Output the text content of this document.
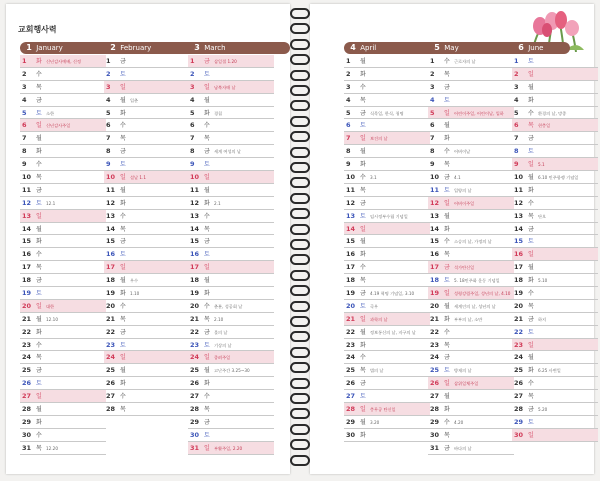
교회행사력
1 January	2 February	3 March
1 화 신년감사예배, 신정
2 수
3 목
4 금
5 토 소한
6 일 신년감사주일
7 월
8 화
9 수
10 목
11 금
12 토 12.1
13 일
14 월
15 화
16 수
17 목
18 금
19 토
20 일 대한
21 월 12.10
22 화
23 수
24 목
25 금
26 토
27 일
28 월
29 화
30 수
31 목 12.20
1 금
2 토
3 일
4 월 입춘
5 화
6 수
7 목
8 금
9 토
10 일 설날 1.1
11 월
12 화
13 수
14 목
15 금
16 토
17 일
18 월 우수
19 화 1.10
20 수
21 목
22 금
23 토
24 일
25 월
26 화
27 수
28 목
1 금 삼일절 1.20
2 토
3 일 남북자매 날
4 월
5 화 경칩
6 수
7 목
8 금 세계 여성의 날
9 토
10 일
11 월
12 화 2.1
13 수
14 목
15 금
16 토
17 일
18 월
19 화
20 수 춘분, 성공회 날
21 목 2.10
22 금 물의 날
23 토 기상의 날
24 일 종려주일
25 월 고난주간 3.25~30
26 화
27 수
28 목
29 금
30 토
31 일 부활주일, 2.20
4 April	5 May	6 June
1 월
2 화
3 수
4 목
5 금 식목일, 한식, 청명
6 토
7 일 보건의 날
8 월
9 화
10 수 3.1
11 목
12 금
13 토 임시정부수립 기념일
14 일
15 월
16 화
17 수
18 목
19 금 4.19 혁명 기념일, 3.10
20 토 곡우
21 일 과학의 날
22 월 정보통신의 날, 지구의 날
23 화
24 수
25 목 법의 날
26 금
27 토
28 일 충무공 탄신일
29 월 3.20
30 화
1 수 근로자의 날
2 목
3 금
4 토
5 일 어린이주일, 어린이날, 입하
6 월
7 화
8 수 어버이날
9 목
10 금 4.1
11 토 입양의 날
12 일 어버이주일
13 월
14 화
15 수 스승의 날, 가정의 날
16 목
17 금 석가탄신일
18 토 5. 18민주화 운동 기념일
19 일 성령강림주일, 성년의 날, 4.10
20 월 세계인의 날, 성년의 날
21 화 부부의 날, 소만
22 수
23 목
24 금
25 토 방재의 날
26 일 삼위일체주일
27 월
28 화
29 수 4.20
30 목
31 금 바다의 날
1 토
2 일
3 월
4 화
5 수 환경의 날, 망종
6 목 현충일
7 금
8 토
9 일 5.1
10 월 6.10 민주항쟁 기념일
11 화
12 수
13 목 단오
14 금
15 토
16 일
17 월
18 화 5.10
19 수
20 목
21 금 하지
22 토
23 일
24 월
25 화 6.25 사변일
26 수
27 목
28 금 5.20
29 토
30 일
